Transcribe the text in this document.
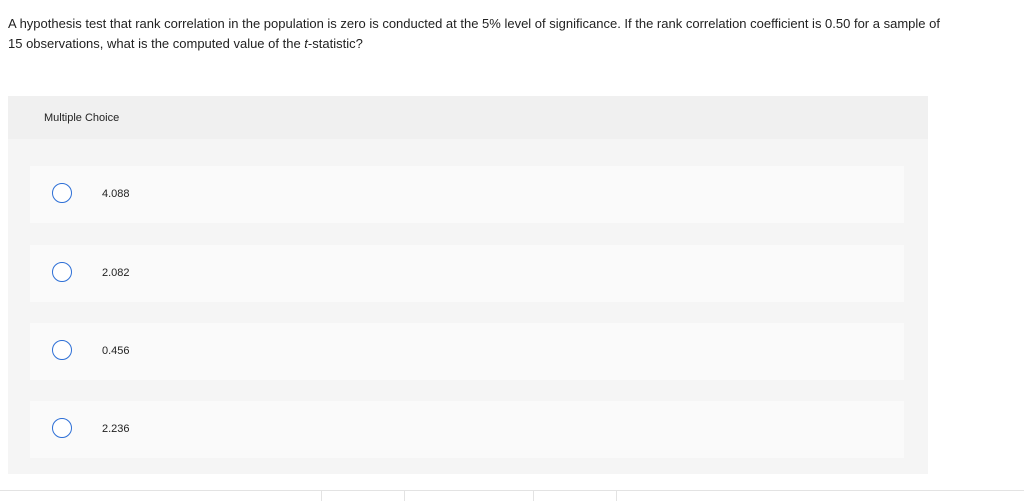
A hypothesis test that rank correlation in the population is zero is conducted at the 5% level of significance. If the rank correlation coefficient is 0.50 for a sample of 15 observations, what is the computed value of the t-statistic?
Multiple Choice
4.088
2.082
0.456
2.236
